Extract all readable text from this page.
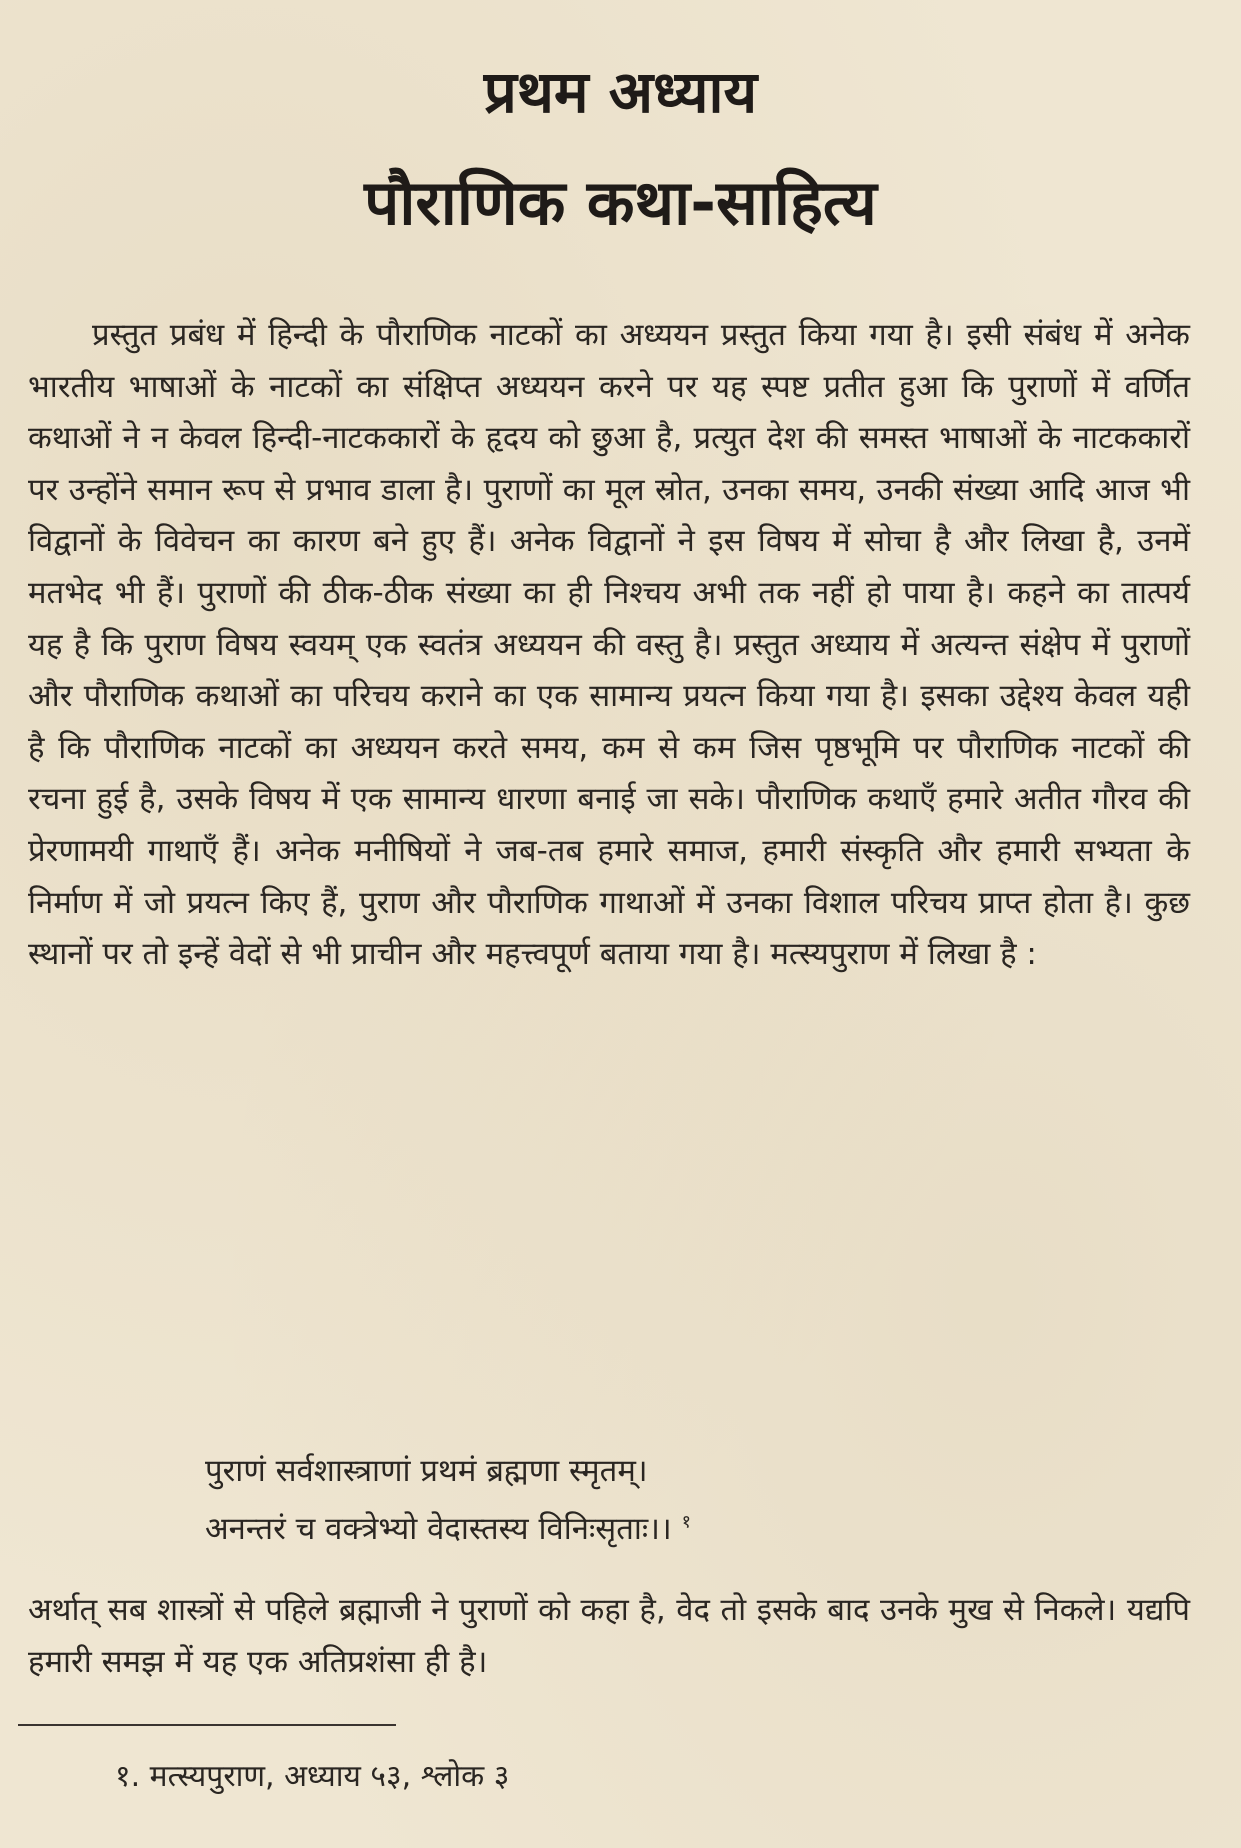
प्रथम अध्याय
पौराणिक कथा-साहित्य

प्रस्तुत प्रबंध में हिन्दी के पौराणिक नाटकों का अध्ययन प्रस्तुत किया गया है। इसी संबंध में अनेक भारतीय भाषाओं के नाटकों का संक्षिप्त अध्ययन करने पर यह स्पष्ट प्रतीत हुआ कि पुराणों में वर्णित कथाओं ने न केवल हिन्दी-नाटककारों के हृदय को छुआ है, प्रत्युत देश की समस्त भाषाओं के नाटककारों पर उन्होंने समान रूप से प्रभाव डाला है। पुराणों का मूल स्रोत, उनका समय, उनकी संख्या आदि आज भी विद्वानों के विवेचन का कारण बने हुए हैं। अनेक विद्वानों ने इस विषय में सोचा है और लिखा है, उनमें मतभेद भी हैं। पुराणों की ठीक-ठीक संख्या का ही निश्चय अभी तक नहीं हो पाया है। कहने का तात्पर्य यह है कि पुराण विषय स्वयम् एक स्वतंत्र अध्ययन की वस्तु है। प्रस्तुत अध्याय में अत्यन्त संक्षेप में पुराणों और पौराणिक कथाओं का परिचय कराने का एक सामान्य प्रयत्न किया गया है। इसका उद्देश्य केवल यही है कि पौराणिक नाटकों का अध्ययन करते समय, कम से कम जिस पृष्ठभूमि पर पौराणिक नाटकों की रचना हुई है, उसके विषय में एक सामान्य धारणा बनाई जा सके। पौराणिक कथाएँ हमारे अतीत गौरव की प्रेरणामयी गाथाएँ हैं। अनेक मनीषियों ने जब-तब हमारे समाज, हमारी संस्कृति और हमारी सभ्यता के निर्माण में जो प्रयत्न किए हैं, पुराण और पौराणिक गाथाओं में उनका विशाल परिचय प्राप्त होता है। कुछ स्थानों पर तो इन्हें वेदों से भी प्राचीन और महत्त्वपूर्ण बताया गया है। मत्स्यपुराण में लिखा है :

पुराणं सर्वशास्त्राणां प्रथमं ब्रह्मणा स्मृतम्।
अनन्तरं च वक्त्रेभ्यो वेदास्तस्य विनिःसृताः।। $^१$

अर्थात् सब शास्त्रों से पहिले ब्रह्माजी ने पुराणों को कहा है, वेद तो इसके बाद उनके मुख से निकले। यद्यपि हमारी समझ में यह एक अतिप्रशंसा ही है।

१. मत्स्यपुराण, अध्याय ५३, श्लोक ३
